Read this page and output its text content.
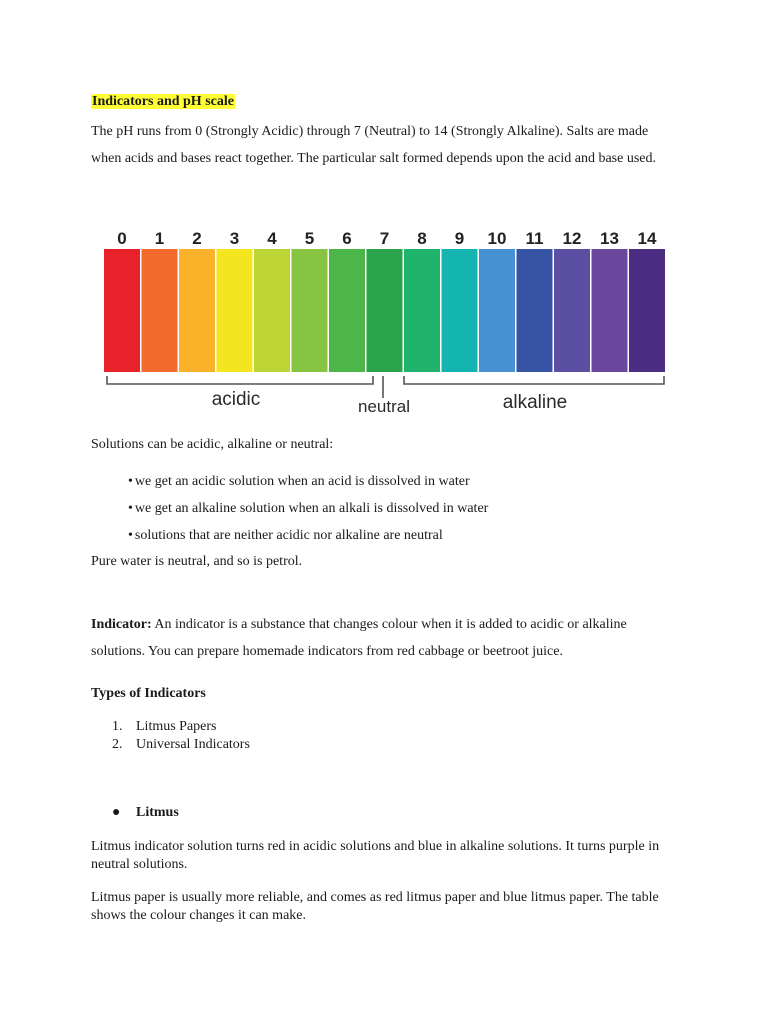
Indicators and pH scale
The pH runs from 0 (Strongly Acidic) through 7 (Neutral) to 14 (Strongly Alkaline). Salts are made when acids and bases react together. The particular salt formed depends upon the acid and base used.
0 1 2 3 4 5 6 7 8 9 10 11 12 13 14
acidic	neutral	alkaline
Solutions can be acidic, alkaline or neutral:
• we get an acidic solution when an acid is dissolved in water
• we get an alkaline solution when an alkali is dissolved in water
• solutions that are neither acidic nor alkaline are neutral
Pure water is neutral, and so is petrol.
Indicator: An indicator is a substance that changes colour when it is added to acidic or alkaline solutions. You can prepare homemade indicators from red cabbage or beetroot juice.
Types of Indicators
1. Litmus Papers
2. Universal Indicators
● Litmus
Litmus indicator solution turns red in acidic solutions and blue in alkaline solutions. It turns purple in neutral solutions.
Litmus paper is usually more reliable, and comes as red litmus paper and blue litmus paper. The table shows the colour changes it can make.
